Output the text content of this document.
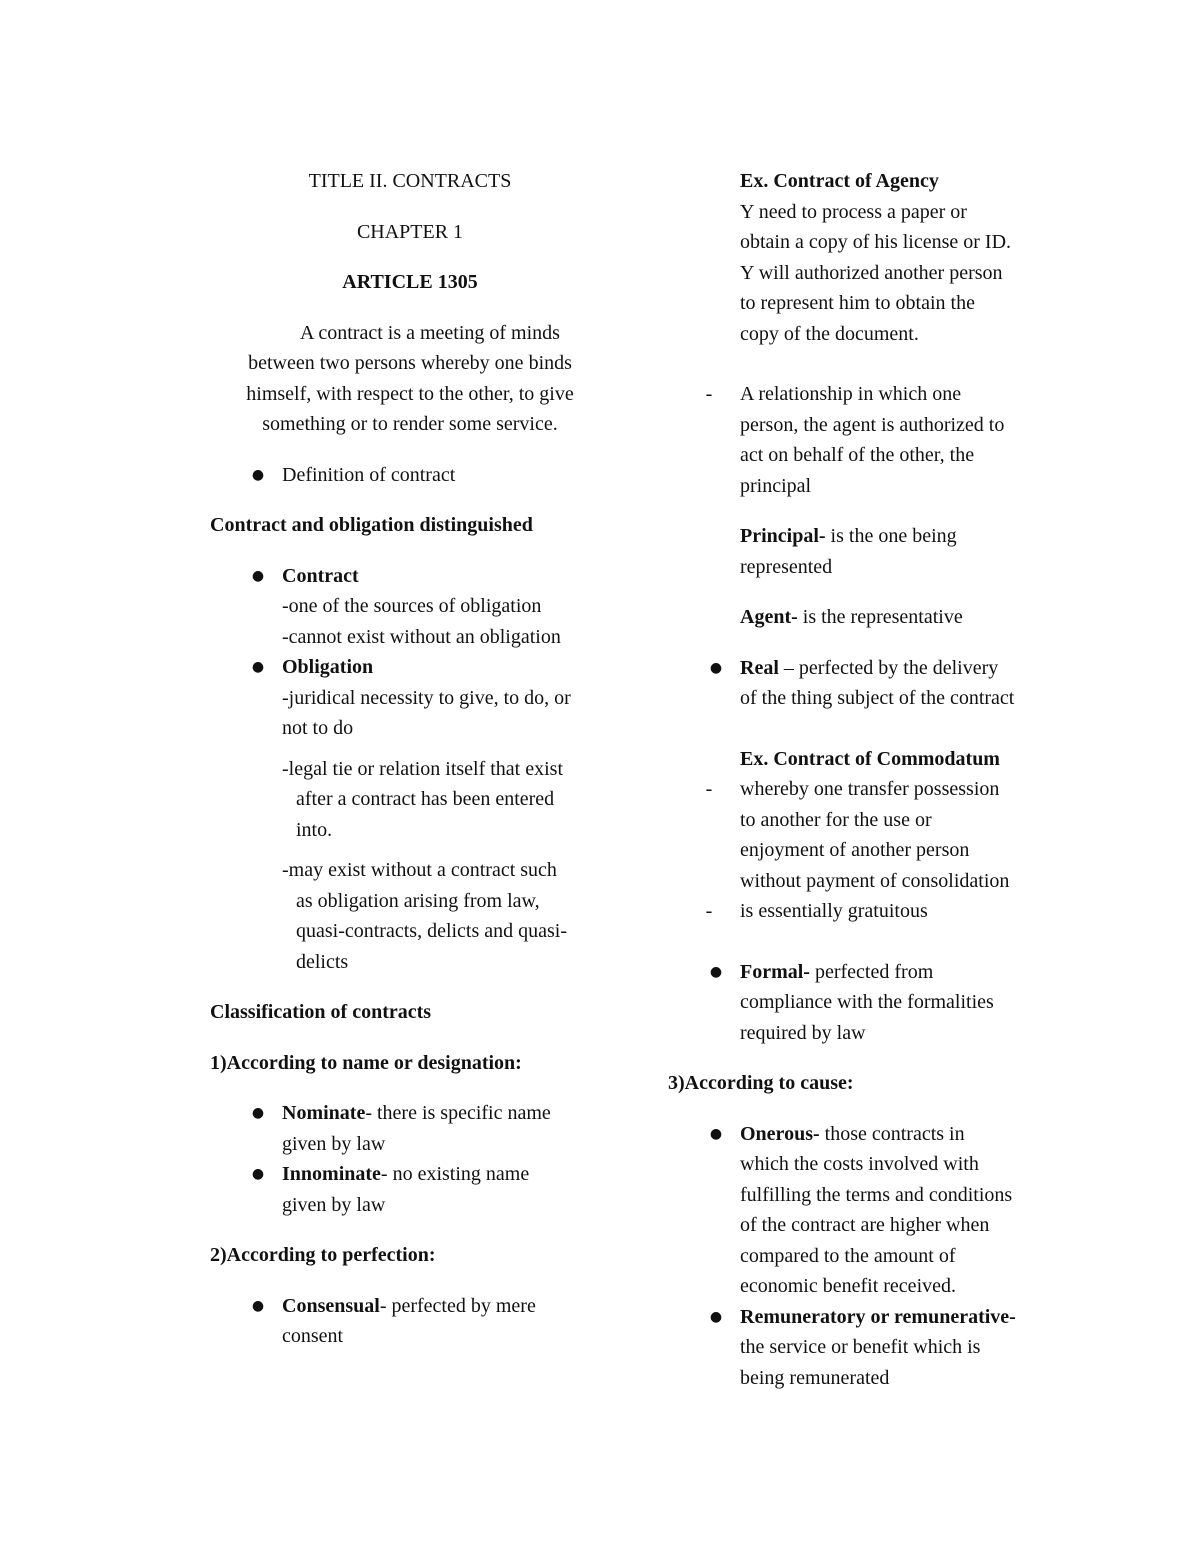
TITLE II. CONTRACTS

CHAPTER 1

ARTICLE 1305

A contract is a meeting of minds

between two persons whereby one binds

himself, with respect to the other, to give

something or to render some service.

● Definition of contract

Contract and obligation distinguished

● Contract

-one of the sources of obligation

-cannot exist without an obligation

● Obligation

-juridical necessity to give, to do, or

not to do

-legal tie or relation itself that exist

after a contract has been entered

into.

-may exist without a contract such

as obligation arising from law,

quasi-contracts, delicts and quasi-

delicts

Classification of contracts

1)According to name or designation:

● Nominate- there is specific name

given by law

● Innominate- no existing name

given by law

2)According to perfection:

● Consensual- perfected by mere

consent

Ex. Contract of Agency

Y need to process a paper or

obtain a copy of his license or ID.

Y will authorized another person

to represent him to obtain the

copy of the document.

- A relationship in which one

person, the agent is authorized to

act on behalf of the other, the

principal

Principal- is the one being

represented

Agent- is the representative

● Real – perfected by the delivery

of the thing subject of the contract

Ex. Contract of Commodatum

- whereby one transfer possession

to another for the use or

enjoyment of another person

without payment of consolidation

- is essentially gratuitous

● Formal- perfected from

compliance with the formalities

required by law

3)According to cause:

● Onerous- those contracts in

which the costs involved with

fulfilling the terms and conditions

of the contract are higher when

compared to the amount of

economic benefit received.

● Remuneratory or remunerative-

the service or benefit which is

being remunerated
